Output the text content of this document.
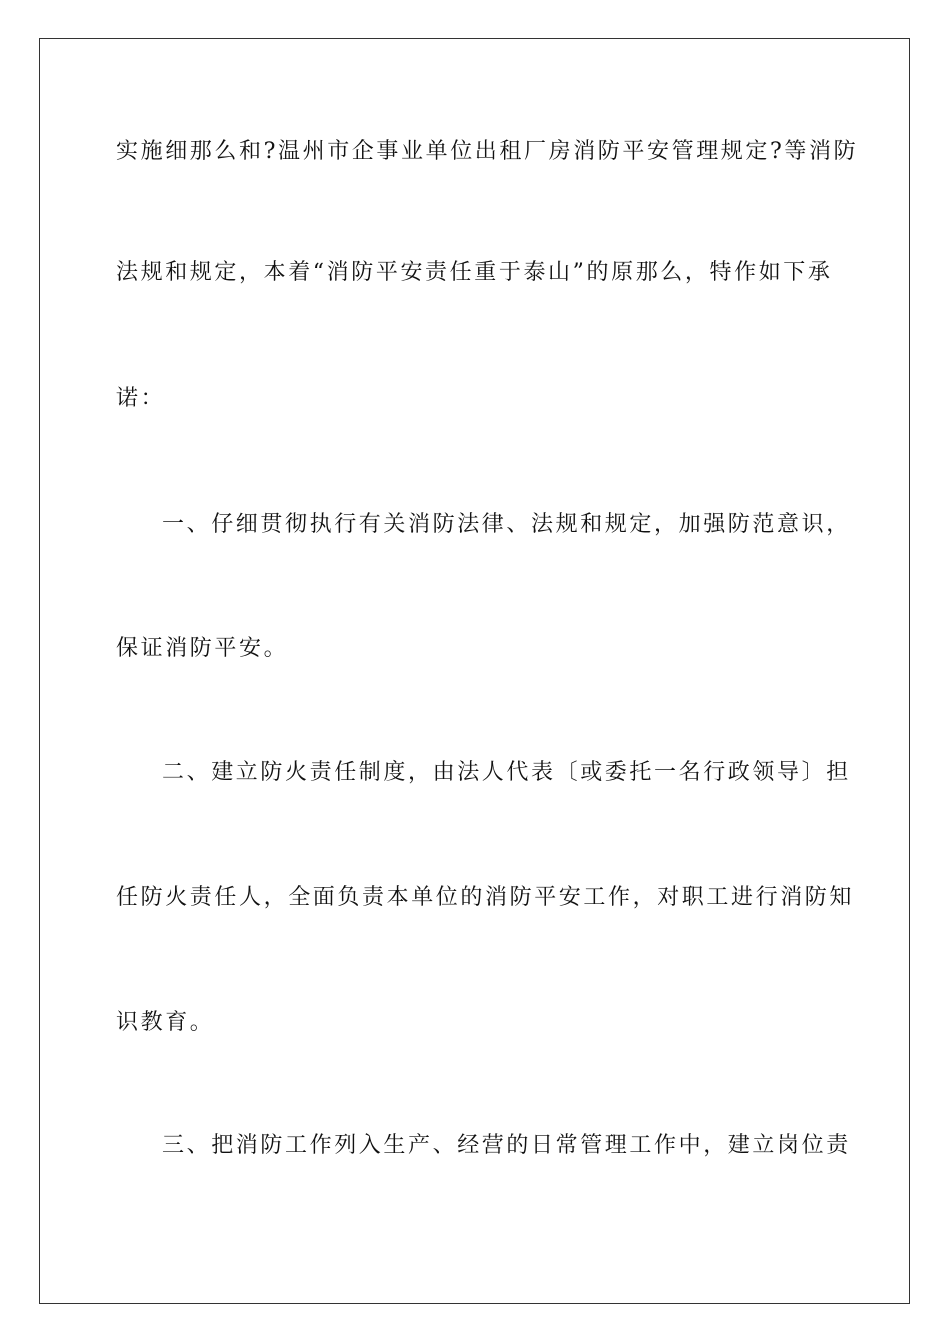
实施细那么和?温州市企事业单位出租厂房消防平安管理规定?等消防
法规和规定，本着“消防平安责任重于泰山”的原那么，特作如下承
诺：
一、仔细贯彻执行有关消防法律、法规和规定，加强防范意识，
保证消防平安。
二、建立防火责任制度，由法人代表〔或委托一名行政领导〕担
任防火责任人，全面负责本单位的消防平安工作，对职工进行消防知
识教育。
三、把消防工作列入生产、经营的日常管理工作中，建立岗位责
